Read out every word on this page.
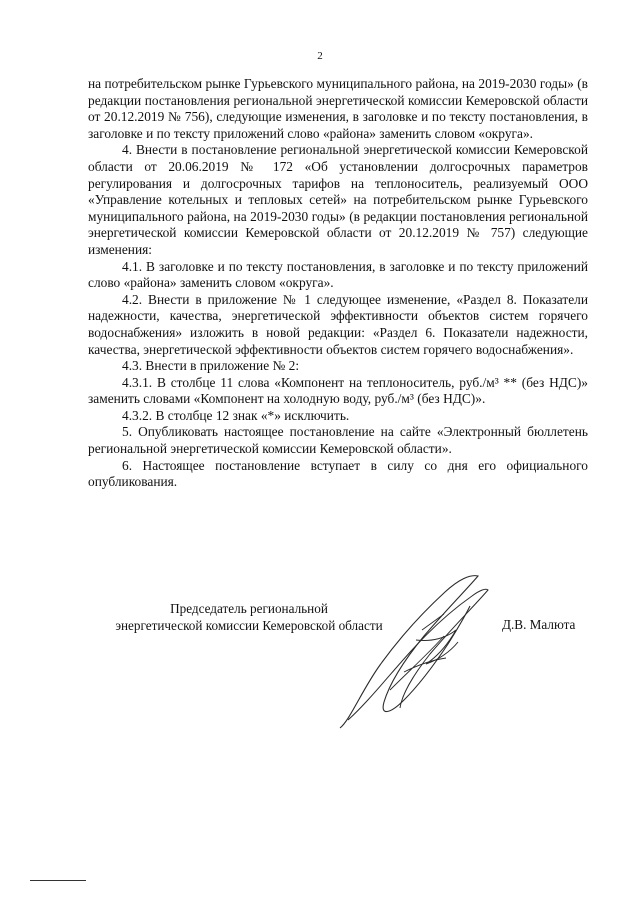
2

на потребительском рынке Гурьевского муниципального района, на 2019-2030 годы» (в редакции постановления региональной энергетической комиссии Кемеровской области от 20.12.2019 № 756), следующие изменения, в заголовке и по тексту постановления, в заголовке и по тексту приложений слово «района» заменить словом «округа».

4. Внести в постановление региональной энергетической комиссии Кемеровской области от 20.06.2019 № 172 «Об установлении долгосрочных параметров регулирования и долгосрочных тарифов на теплоноситель, реализуемый ООО «Управление котельных и тепловых сетей» на потребительском рынке Гурьевского муниципального района, на 2019-2030 годы» (в редакции постановления региональной энергетической комиссии Кемеровской области от 20.12.2019 № 757) следующие изменения:

4.1. В заголовке и по тексту постановления, в заголовке и по тексту приложений слово «района» заменить словом «округа».

4.2. Внести в приложение № 1 следующее изменение, «Раздел 8. Показатели надежности, качества, энергетической эффективности объектов систем горячего водоснабжения» изложить в новой редакции: «Раздел 6. Показатели надежности, качества, энергетической эффективности объектов систем горячего водоснабжения».

4.3. Внести в приложение № 2:

4.3.1. В столбце 11 слова «Компонент на теплоноситель, руб./м³ ** (без НДС)» заменить словами «Компонент на холодную воду, руб./м³ (без НДС)».

4.3.2. В столбце 12 знак «*» исключить.

5. Опубликовать настоящее постановление на сайте «Электронный бюллетень региональной энергетической комиссии Кемеровской области».

6. Настоящее постановление вступает в силу со дня его официального опубликования.

Председатель региональной
энергетической комиссии Кемеровской области	Д.В. Малюта
